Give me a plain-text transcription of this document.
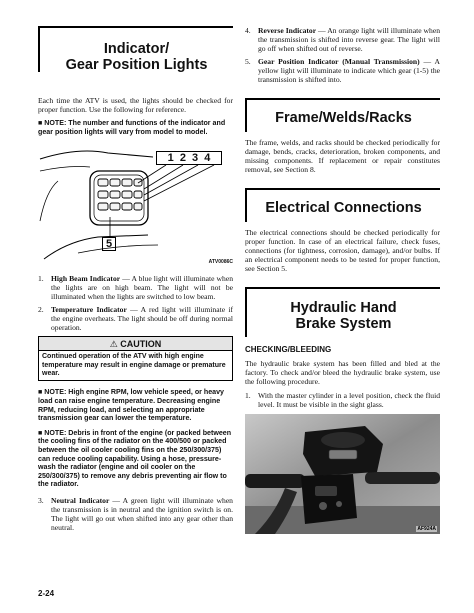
Indicator/
Gear Position Lights

Each time the ATV is used, the lights should be checked for proper function. Use the following for reference.

■ NOTE: The number and functions of the indicator and gear position lights will vary from model to model.

1 2 3 4
5
ATV0086C
1. High Beam Indicator — A blue light will illuminate when the lights are on high beam. The light will not be illuminated when the lights are switched to low beam.
2. Temperature Indicator — A red light will illuminate if the engine overheats. The light should be off during normal operation.
⚠ CAUTION
Continued operation of the ATV with high engine temperature may result in engine damage or premature wear.

■ NOTE: High engine RPM, low vehicle speed, or heavy load can raise engine temperature. Decreasing engine RPM, reducing load, and selecting an appropriate transmission gear can lower the temperature.

■ NOTE: Debris in front of the engine (or packed between the cooling fins of the radiator on the 400/500 or packed between the oil cooler cooling fins on the 250/300/375) can reduce cooling capability. Using a hose, pressure-wash the radiator (engine and oil cooler on the 250/300/375) to remove any debris preventing air flow to the radiator.

3. Neutral Indicator — A green light will illuminate when the transmission is in neutral and the ignition switch is on. The light will go out when shifted into any gear other than neutral.
4. Reverse Indicator — An orange light will illuminate when the transmission is shifted into reverse gear. The light will go off when shifted out of reverse.
5. Gear Position Indicator (Manual Transmission) — A yellow light will illuminate to indicate which gear (1-5) the transmission is shifted into.
Frame/Welds/Racks

The frame, welds, and racks should be checked periodically for damage, bends, cracks, deterioration, broken components, and missing components. If replacement or repair constitutes removal, see Section 8.

Electrical Connections

The electrical connections should be checked periodically for proper function. In case of an electrical failure, check fuses, connections (for tightness, corrosion, damage), and/or bulbs. If an electrical component needs to be tested for proper function, see Section 5.

Hydraulic Hand
Brake System
CHECKING/BLEEDING

The hydraulic brake system has been filled and bled at the factory. To check and/or bleed the hydraulic brake system, use the following procedure.

1. With the master cylinder in a level position, check the fluid level. It must be visible in the sight glass.
AF924A
2-24
